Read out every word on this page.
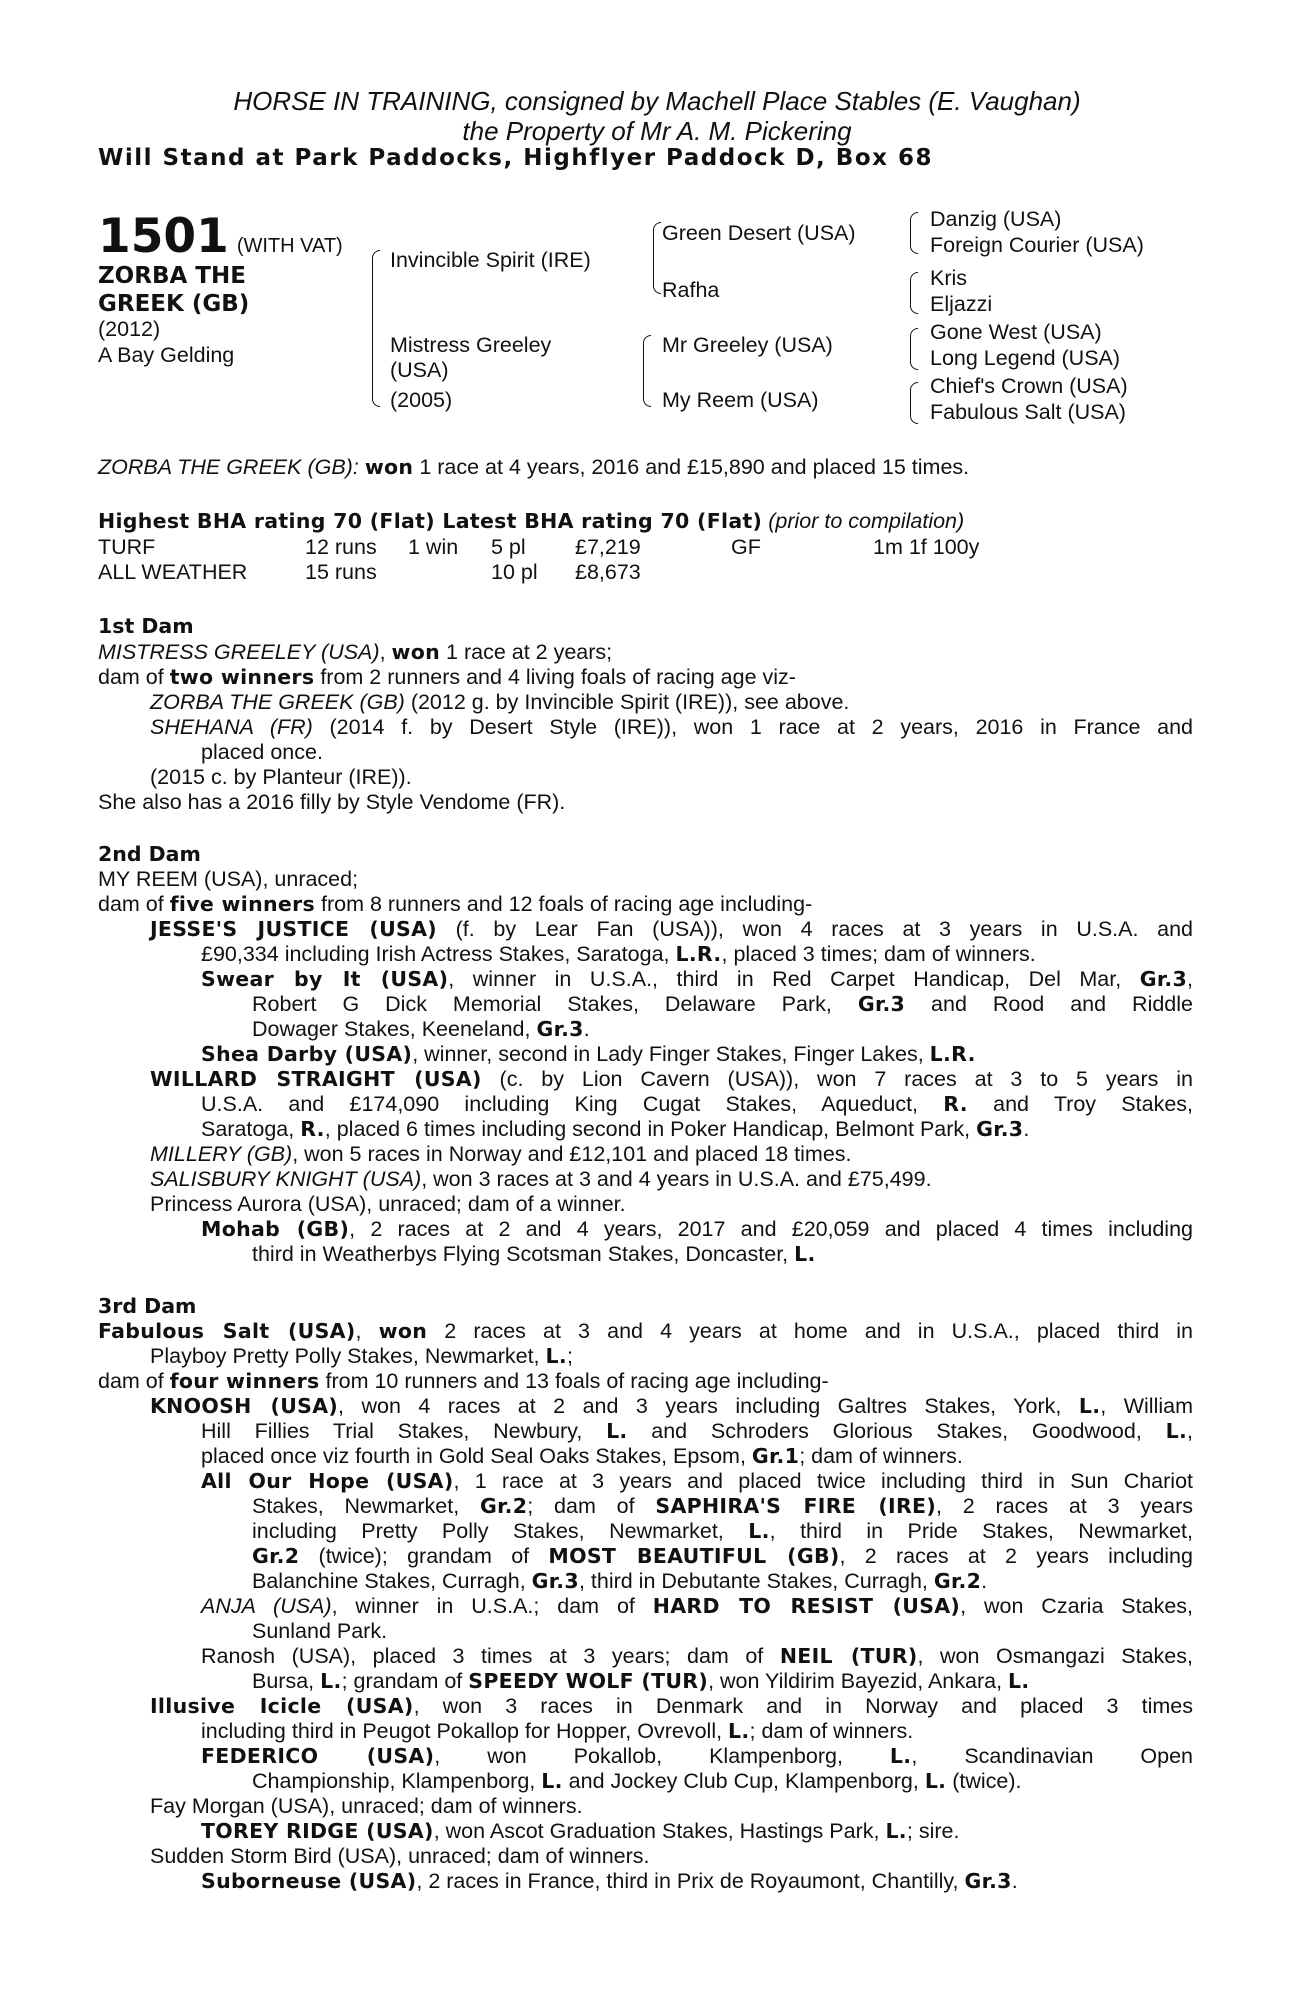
HORSE IN TRAINING, consigned by Machell Place Stables (E. Vaughan)
the Property of Mr A. M. Pickering
Will Stand at Park Paddocks, Highflyer Paddock D, Box 68
1501 (WITH VAT)
ZORBA THE GREEK (GB)
(2012)
A Bay Gelding
Invincible Spirit (IRE)
Mistress Greeley
(USA)
(2005)
Green Desert (USA)
Rafha
Mr Greeley (USA)
My Reem (USA)
Danzig (USA)
Foreign Courier (USA)
Kris
Eljazzi
Gone West (USA)
Long Legend (USA)
Chief's Crown (USA)
Fabulous Salt (USA)
ZORBA THE GREEK (GB): won 1 race at 4 years, 2016 and £15,890 and placed 15 times.
Highest BHA rating 70 (Flat) Latest BHA rating 70 (Flat) (prior to compilation)
TURF	12 runs 1 win 5 pl £7,219	GF	1m 1f 100y
ALL WEATHER	15 runs	10 pl £8,673
1st Dam
MISTRESS GREELEY (USA), won 1 race at 2 years;
dam of two winners from 2 runners and 4 living foals of racing age viz-
ZORBA THE GREEK (GB) (2012 g. by Invincible Spirit (IRE)), see above.
SHEHANA (FR) (2014 f. by Desert Style (IRE)), won 1 race at 2 years, 2016 in France and
placed once.
(2015 c. by Planteur (IRE)).
She also has a 2016 filly by Style Vendome (FR).
2nd Dam
MY REEM (USA), unraced;
dam of five winners from 8 runners and 12 foals of racing age including-
JESSE'S JUSTICE (USA) (f. by Lear Fan (USA)), won 4 races at 3 years in U.S.A. and
£90,334 including Irish Actress Stakes, Saratoga, L.R., placed 3 times; dam of winners.
Swear by It (USA), winner in U.S.A., third in Red Carpet Handicap, Del Mar, Gr.3,
Robert G Dick Memorial Stakes, Delaware Park, Gr.3 and Rood and Riddle
Dowager Stakes, Keeneland, Gr.3.
Shea Darby (USA), winner, second in Lady Finger Stakes, Finger Lakes, L.R.
WILLARD STRAIGHT (USA) (c. by Lion Cavern (USA)), won 7 races at 3 to 5 years in
U.S.A. and £174,090 including King Cugat Stakes, Aqueduct, R. and Troy Stakes,
Saratoga, R., placed 6 times including second in Poker Handicap, Belmont Park, Gr.3.
MILLERY (GB), won 5 races in Norway and £12,101 and placed 18 times.
SALISBURY KNIGHT (USA), won 3 races at 3 and 4 years in U.S.A. and £75,499.
Princess Aurora (USA), unraced; dam of a winner.
Mohab (GB), 2 races at 2 and 4 years, 2017 and £20,059 and placed 4 times including
third in Weatherbys Flying Scotsman Stakes, Doncaster, L.
3rd Dam
Fabulous Salt (USA), won 2 races at 3 and 4 years at home and in U.S.A., placed third in
Playboy Pretty Polly Stakes, Newmarket, L.;
dam of four winners from 10 runners and 13 foals of racing age including-
KNOOSH (USA), won 4 races at 2 and 3 years including Galtres Stakes, York, L., William
Hill Fillies Trial Stakes, Newbury, L. and Schroders Glorious Stakes, Goodwood, L.,
placed once viz fourth in Gold Seal Oaks Stakes, Epsom, Gr.1; dam of winners.
All Our Hope (USA), 1 race at 3 years and placed twice including third in Sun Chariot
Stakes, Newmarket, Gr.2; dam of SAPHIRA'S FIRE (IRE), 2 races at 3 years
including Pretty Polly Stakes, Newmarket, L., third in Pride Stakes, Newmarket,
Gr.2 (twice); grandam of MOST BEAUTIFUL (GB), 2 races at 2 years including
Balanchine Stakes, Curragh, Gr.3, third in Debutante Stakes, Curragh, Gr.2.
ANJA (USA), winner in U.S.A.; dam of HARD TO RESIST (USA), won Czaria Stakes,
Sunland Park.
Ranosh (USA), placed 3 times at 3 years; dam of NEIL (TUR), won Osmangazi Stakes,
Bursa, L.; grandam of SPEEDY WOLF (TUR), won Yildirim Bayezid, Ankara, L.
Illusive Icicle (USA), won 3 races in Denmark and in Norway and placed 3 times
including third in Peugot Pokallop for Hopper, Ovrevoll, L.; dam of winners.
FEDERICO (USA), won Pokallob, Klampenborg, L., Scandinavian Open
Championship, Klampenborg, L. and Jockey Club Cup, Klampenborg, L. (twice).
Fay Morgan (USA), unraced; dam of winners.
TOREY RIDGE (USA), won Ascot Graduation Stakes, Hastings Park, L.; sire.
Sudden Storm Bird (USA), unraced; dam of winners.
Suborneuse (USA), 2 races in France, third in Prix de Royaumont, Chantilly, Gr.3.
